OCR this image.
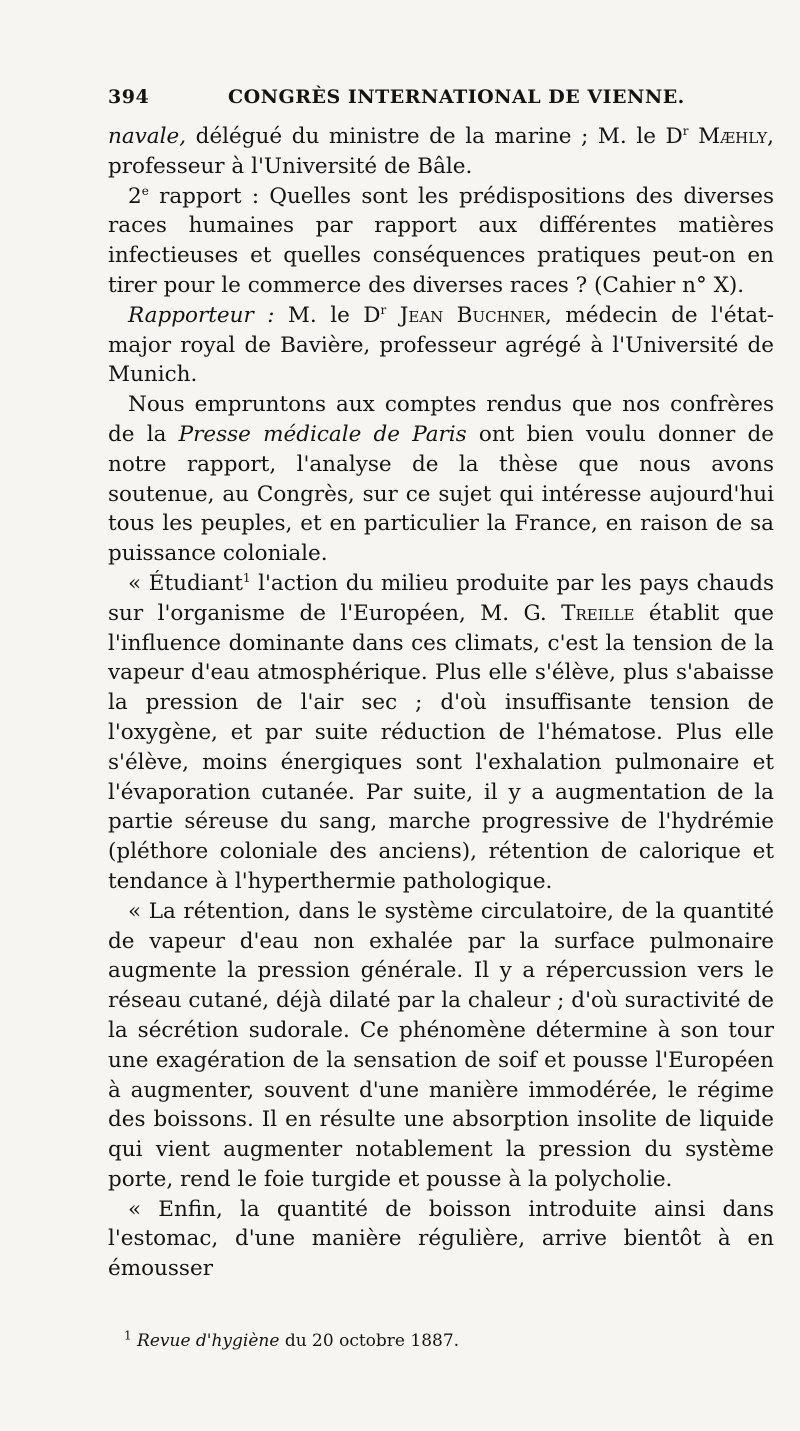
394	CONGRÈS INTERNATIONAL DE VIENNE.

navale, délégué du ministre de la marine ; M. le $D^r$ Mæhly, professeur à l'Université de Bâle.

2e rapport : Quelles sont les prédispositions des diverses races humaines par rapport aux différentes matières infectieuses et quelles conséquences pratiques peut-on en tirer pour le commerce des diverses races ? (Cahier n° X).

Rapporteur : M. le $D^r$ Jean Buchner, médecin de l'état-major royal de Bavière, professeur agrégé à l'Université de Munich.

Nous empruntons aux comptes rendus que nos confrères de la Presse médicale de Paris ont bien voulu donner de notre rapport, l'analyse de la thèse que nous avons soutenue, au Congrès, sur ce sujet qui intéresse aujourd'hui tous les peuples, et en particulier la France, en raison de sa puissance coloniale.

« Étudiant$^1$ l'action du milieu produite par les pays chauds sur l'organisme de l'Européen, M. G. Treille établit que l'influence dominante dans ces climats, c'est la tension de la vapeur d'eau atmosphérique. Plus elle s'élève, plus s'abaisse la pression de l'air sec ; d'où insuffisante tension de l'oxygène, et par suite réduction de l'hématose. Plus elle s'élève, moins énergiques sont l'exhalation pulmonaire et l'évaporation cutanée. Par suite, il y a augmentation de la partie séreuse du sang, marche progressive de l'hydrémie (pléthore coloniale des anciens), rétention de calorique et tendance à l'hyperthermie pathologique.

« La rétention, dans le système circulatoire, de la quantité de vapeur d'eau non exhalée par la surface pulmonaire augmente la pression générale. Il y a répercussion vers le réseau cutané, déjà dilaté par la chaleur ; d'où suractivité de la sécrétion sudorale. Ce phénomène détermine à son tour une exagération de la sensation de soif et pousse l'Européen à augmenter, souvent d'une manière immodérée, le régime des boissons. Il en résulte une absorption insolite de liquide qui vient augmenter notablement la pression du système porte, rend le foie turgide et pousse à la polycholie.

« Enfin, la quantité de boisson introduite ainsi dans l'estomac, d'une manière régulière, arrive bientôt à en émousser

$^1$ Revue d'hygiène du 20 octobre 1887.
